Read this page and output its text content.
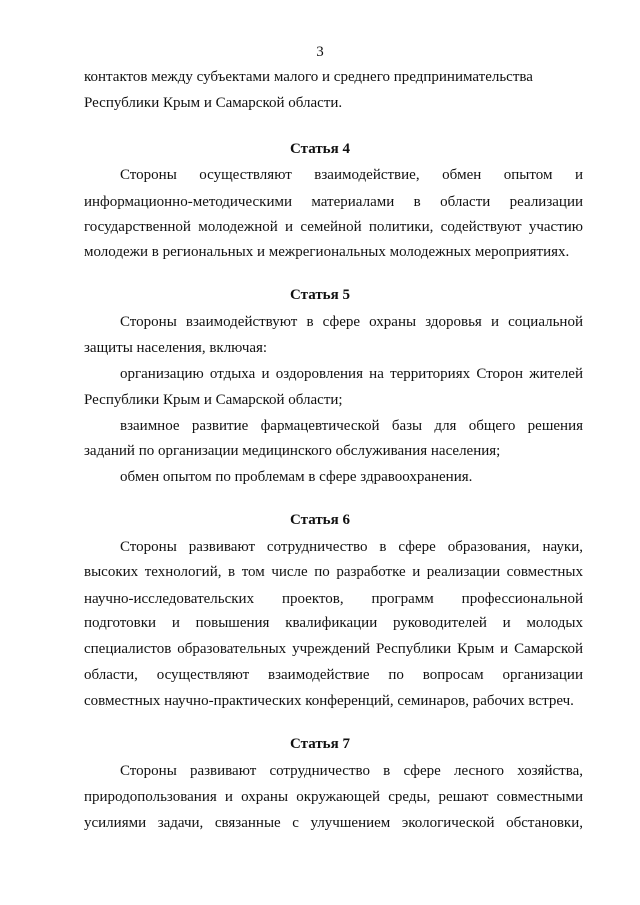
3
контактов между субъектами малого и среднего предпринимательства
Республики Крым и Самарской области.
Статья 4
Стороны осуществляют взаимодействие, обмен опытом и
информационно-методическими материалами в области реализации
государственной молодежной и семейной политики, содействуют участию
молодежи в региональных и межрегиональных молодежных мероприятиях.
Статья 5
Стороны взаимодействуют в сфере охраны здоровья и социальной
защиты населения, включая:
организацию отдыха и оздоровления на территориях Сторон жителей
Республики Крым и Самарской области;
взаимное развитие фармацевтической базы для общего решения
заданий по организации медицинского обслуживания населения;
обмен опытом по проблемам в сфере здравоохранения.
Статья 6
Стороны развивают сотрудничество в сфере образования, науки,
высоких технологий, в том числе по разработке и реализации совместных
научно-исследовательских проектов, программ профессиональной
подготовки и повышения квалификации руководителей и молодых
специалистов образовательных учреждений Республики Крым и Самарской
области, осуществляют взаимодействие по вопросам организации
совместных научно-практических конференций, семинаров, рабочих встреч.
Статья 7
Стороны развивают сотрудничество в сфере лесного хозяйства,
природопользования и охраны окружающей среды, решают совместными
усилиями задачи, связанные с улучшением экологической обстановки,
